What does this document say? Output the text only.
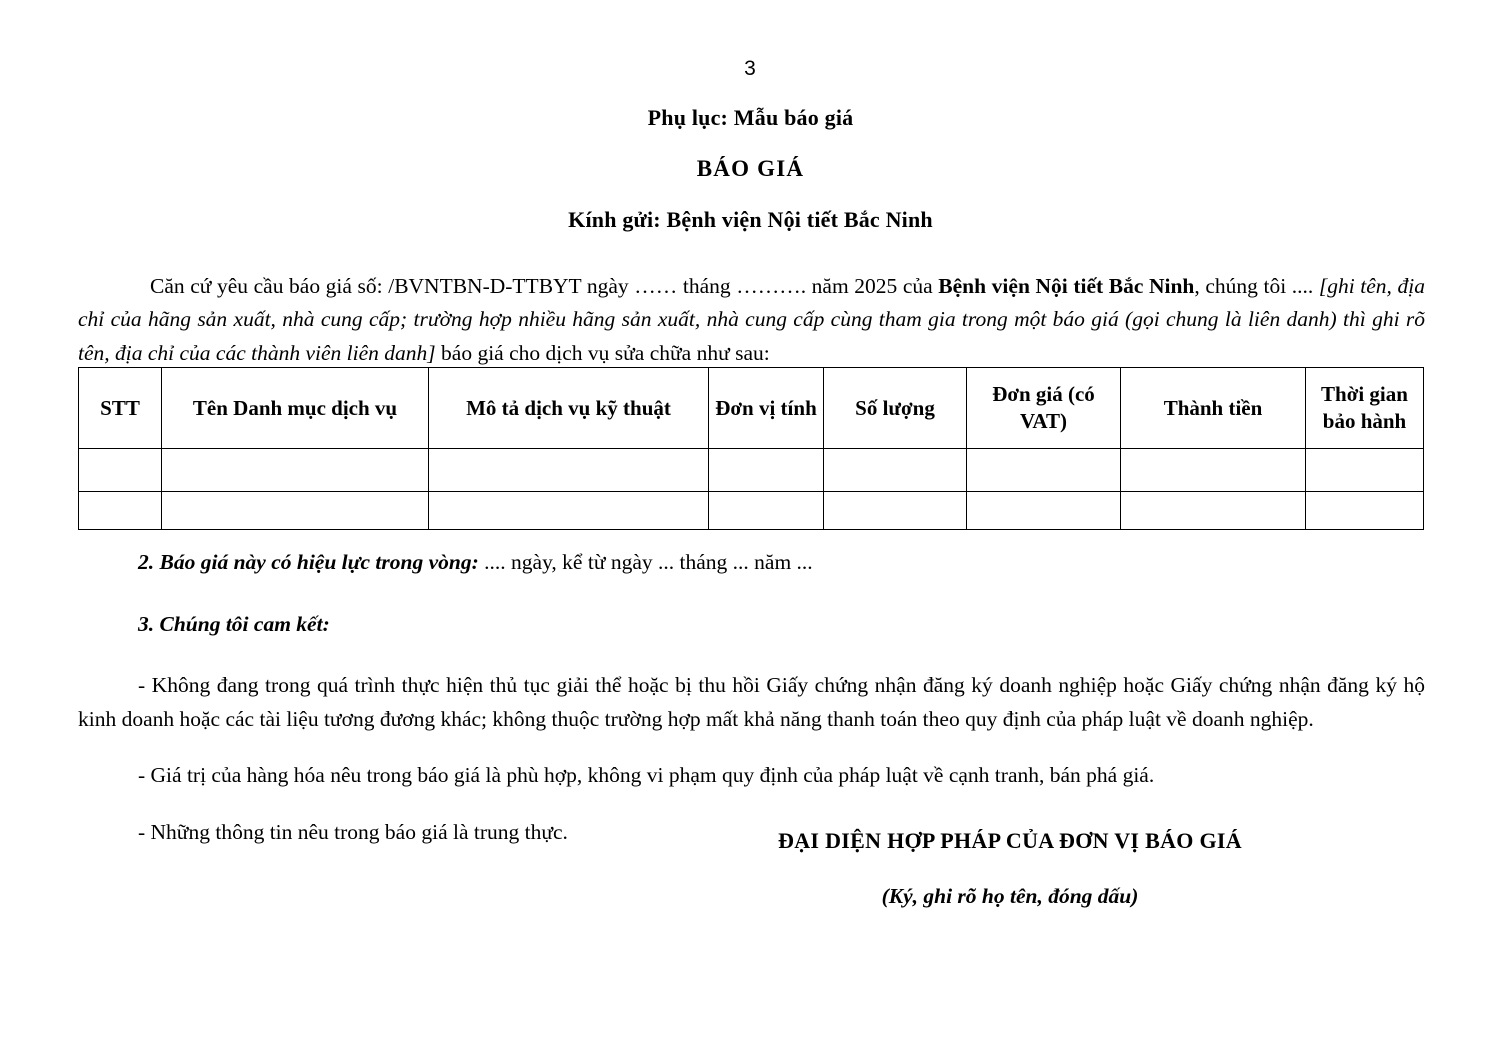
3
Phụ lục: Mẫu báo giá
BÁO GIÁ
Kính gửi: Bệnh viện Nội tiết Bắc Ninh

Căn cứ yêu cầu báo giá số: /BVNTBN-D-TTBYT ngày …… tháng ………. năm 2025 của Bệnh viện Nội tiết Bắc Ninh, chúng tôi .... [ghi tên, địa chỉ của hãng sản xuất, nhà cung cấp; trường hợp nhiều hãng sản xuất, nhà cung cấp cùng tham gia trong một báo giá (gọi chung là liên danh) thì ghi rõ tên, địa chỉ của các thành viên liên danh] báo giá cho dịch vụ sửa chữa như sau:

STT	Tên Danh mục dịch vụ	Mô tả dịch vụ kỹ thuật	Đơn vị tính	Số lượng	Đơn giá (có VAT)	Thành tiền	Thời gian bảo hành

2. Báo giá này có hiệu lực trong vòng: .... ngày, kể từ ngày ... tháng ... năm ...

3. Chúng tôi cam kết:

- Không đang trong quá trình thực hiện thủ tục giải thể hoặc bị thu hồi Giấy chứng nhận đăng ký doanh nghiệp hoặc Giấy chứng nhận đăng ký hộ kinh doanh hoặc các tài liệu tương đương khác; không thuộc trường hợp mất khả năng thanh toán theo quy định của pháp luật về doanh nghiệp.

- Giá trị của hàng hóa nêu trong báo giá là phù hợp, không vi phạm quy định của pháp luật về cạnh tranh, bán phá giá.

- Những thông tin nêu trong báo giá là trung thực.	ĐẠI DIỆN HỢP PHÁP CỦA ĐƠN VỊ BÁO GIÁ
(Ký, ghi rõ họ tên, đóng dấu)
